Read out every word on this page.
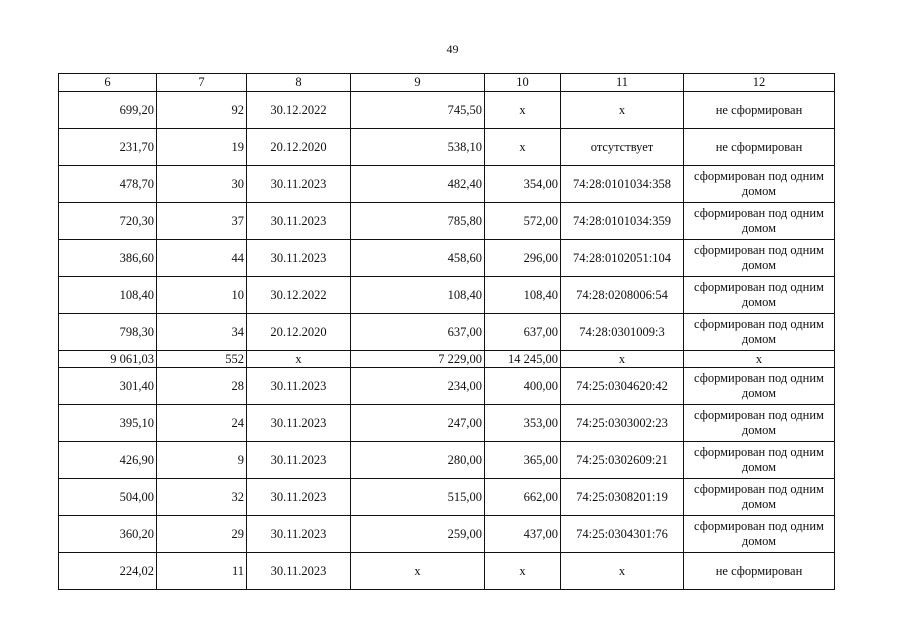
49
6	7	8	9	10	11	12
699,20	92	30.12.2022	745,50	x	x	не сформирован
231,70	19	20.12.2020	538,10	x	отсутствует	не сформирован
478,70	30	30.11.2023	482,40	354,00	74:28:0101034:358	сформирован под одним домом
720,30	37	30.11.2023	785,80	572,00	74:28:0101034:359	сформирован под одним домом
386,60	44	30.11.2023	458,60	296,00	74:28:0102051:104	сформирован под одним домом
108,40	10	30.12.2022	108,40	108,40	74:28:0208006:54	сформирован под одним домом
798,30	34	20.12.2020	637,00	637,00	74:28:0301009:3	сформирован под одним домом
9 061,03	552	x	7 229,00	14 245,00	x	x
301,40	28	30.11.2023	234,00	400,00	74:25:0304620:42	сформирован под одним домом
395,10	24	30.11.2023	247,00	353,00	74:25:0303002:23	сформирован под одним домом
426,90	9	30.11.2023	280,00	365,00	74:25:0302609:21	сформирован под одним домом
504,00	32	30.11.2023	515,00	662,00	74:25:0308201:19	сформирован под одним домом
360,20	29	30.11.2023	259,00	437,00	74:25:0304301:76	сформирован под одним домом
224,02	11	30.11.2023	x	x	x	не сформирован
